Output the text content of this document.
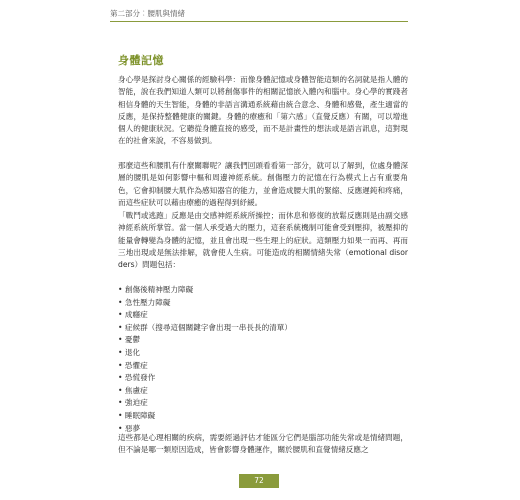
第二部分︰腰肌與情緒
身體記憶

身心學是探討身心關係的經驗科學：而像身體記憶或身體智能這類的名詞就是指人體的智能，說在我們知道人類可以將創傷事件的相關記憶嵌入體內和腦中。身心學的實踐者相信身體的天生智能，身體的非語言溝通系統藉由統合意念、身體和感覺，產生適當的反應，是保持整體健康的關鍵。身體的療癒和「第六感」（直覺反應）有關，可以增進個人的健康狀況。它聽從身體直接的感受，而不是計畫性的想法或是語言訊息，這對現在的社會來說，不容易做到。

那麼這些和腰肌有什麼關聯呢？讓我們回頭看看第一部分，就可以了解到，位處身體深層的腰肌是如何影響中樞和周邊神經系統。創傷壓力的記憶在行為模式上占有重要角色，它會抑制腰大肌作為感知器官的能力，並會造成腰大肌的緊縮、反應遲鈍和疼痛，而這些症狀可以藉由療癒的過程得到紓緩。

「戰鬥或逃跑」反應是由交感神經系統所操控；而休息和修復的放鬆反應則是由副交感神經系統所掌管。當一個人承受過大的壓力，這套系統機制可能會受到壓抑，被壓抑的能量會轉變為身體的記憶，並且會出現一些生理上的症狀。這類壓力如果一而再、再而三地出現或是無法排解，就會使人生病。可能造成的相關情緒失常（emotional disorders）問題包括：

• 創傷後精神壓力障礙
• 急性壓力障礙
• 成癮症
• 症候群（搜尋這個關鍵字會出現一串長長的清單）
• 憂鬱
• 退化
• 恐懼症
• 恐慌發作
• 焦慮症
• 強迫症
• 睡眠障礙
• 惡夢

這些都是心理相關的疾病，需要經過評估才能區分它們是腦部功能失常或是情緒問題，但不論是哪一類原因造成，皆會影響身體運作，關於腰肌和直覺情緒反應之

72
